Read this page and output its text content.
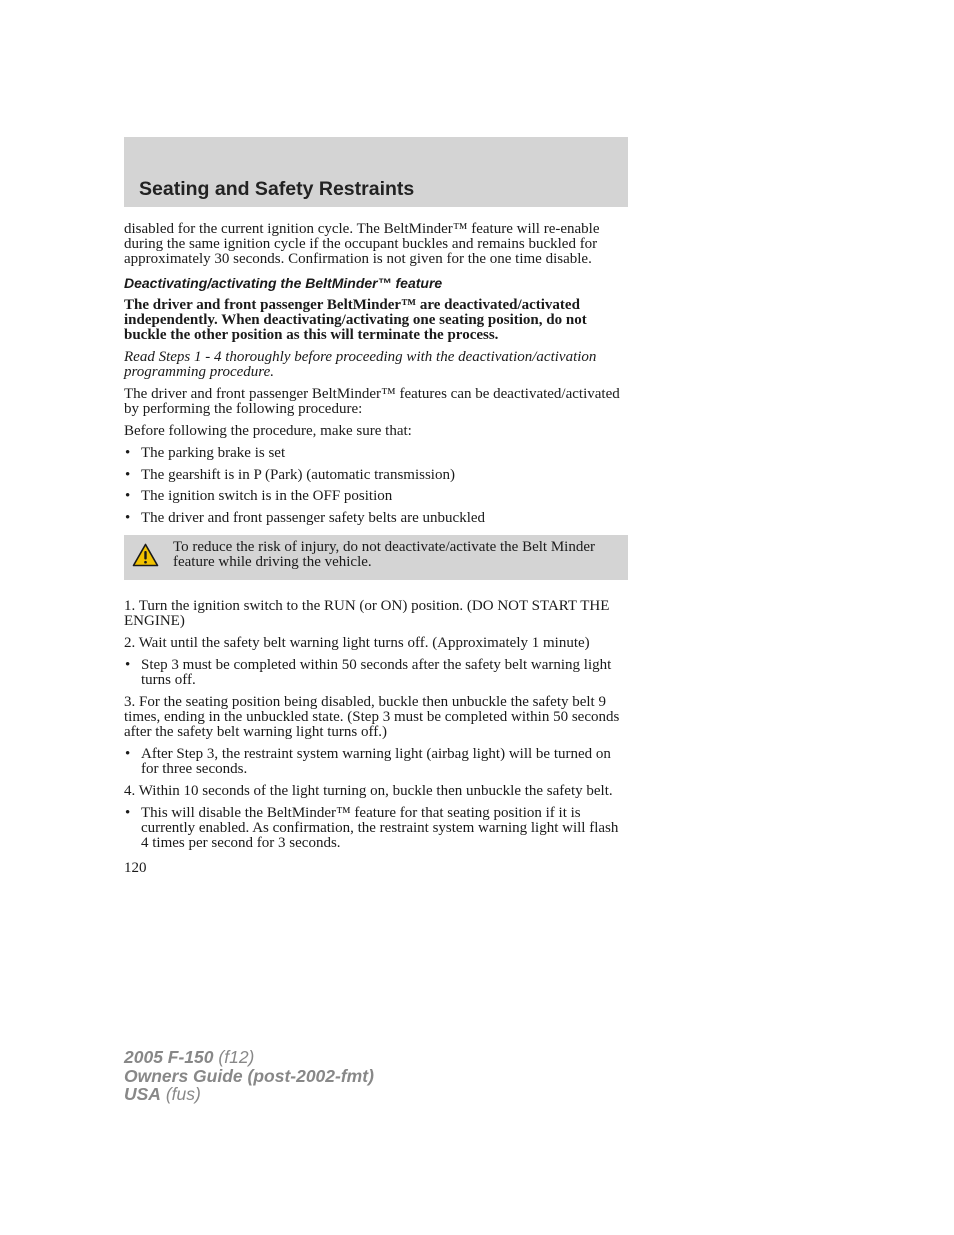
Seating and Safety Restraints

disabled for the current ignition cycle. The BeltMinder™ feature will re-enable during the same ignition cycle if the occupant buckles and remains buckled for approximately 30 seconds. Confirmation is not given for the one time disable.

Deactivating/activating the BeltMinder™ feature

The driver and front passenger BeltMinder™ are deactivated/activated independently. When deactivating/activating one seating position, do not buckle the other position as this will terminate the process.

Read Steps 1 - 4 thoroughly before proceeding with the deactivation/activation programming procedure.

The driver and front passenger BeltMinder™ features can be deactivated/activated by performing the following procedure:

Before following the procedure, make sure that:

• The parking brake is set
• The gearshift is in P (Park) (automatic transmission)
• The ignition switch is in the OFF position
• The driver and front passenger safety belts are unbuckled
To reduce the risk of injury, do not deactivate/activate the Belt Minder feature while driving the vehicle.

1. Turn the ignition switch to the RUN (or ON) position. (DO NOT START THE ENGINE)

2. Wait until the safety belt warning light turns off. (Approximately 1 minute)

• Step 3 must be completed within 50 seconds after the safety belt warning light turns off.

3. For the seating position being disabled, buckle then unbuckle the safety belt 9 times, ending in the unbuckled state. (Step 3 must be completed within 50 seconds after the safety belt warning light turns off.)

• After Step 3, the restraint system warning light (airbag light) will be turned on for three seconds.

4. Within 10 seconds of the light turning on, buckle then unbuckle the safety belt.

• This will disable the BeltMinder™ feature for that seating position if it is currently enabled. As confirmation, the restraint system warning light will flash 4 times per second for 3 seconds.

120

2005 F-150 (f12)
Owners Guide (post-2002-fmt)
USA (fus)
